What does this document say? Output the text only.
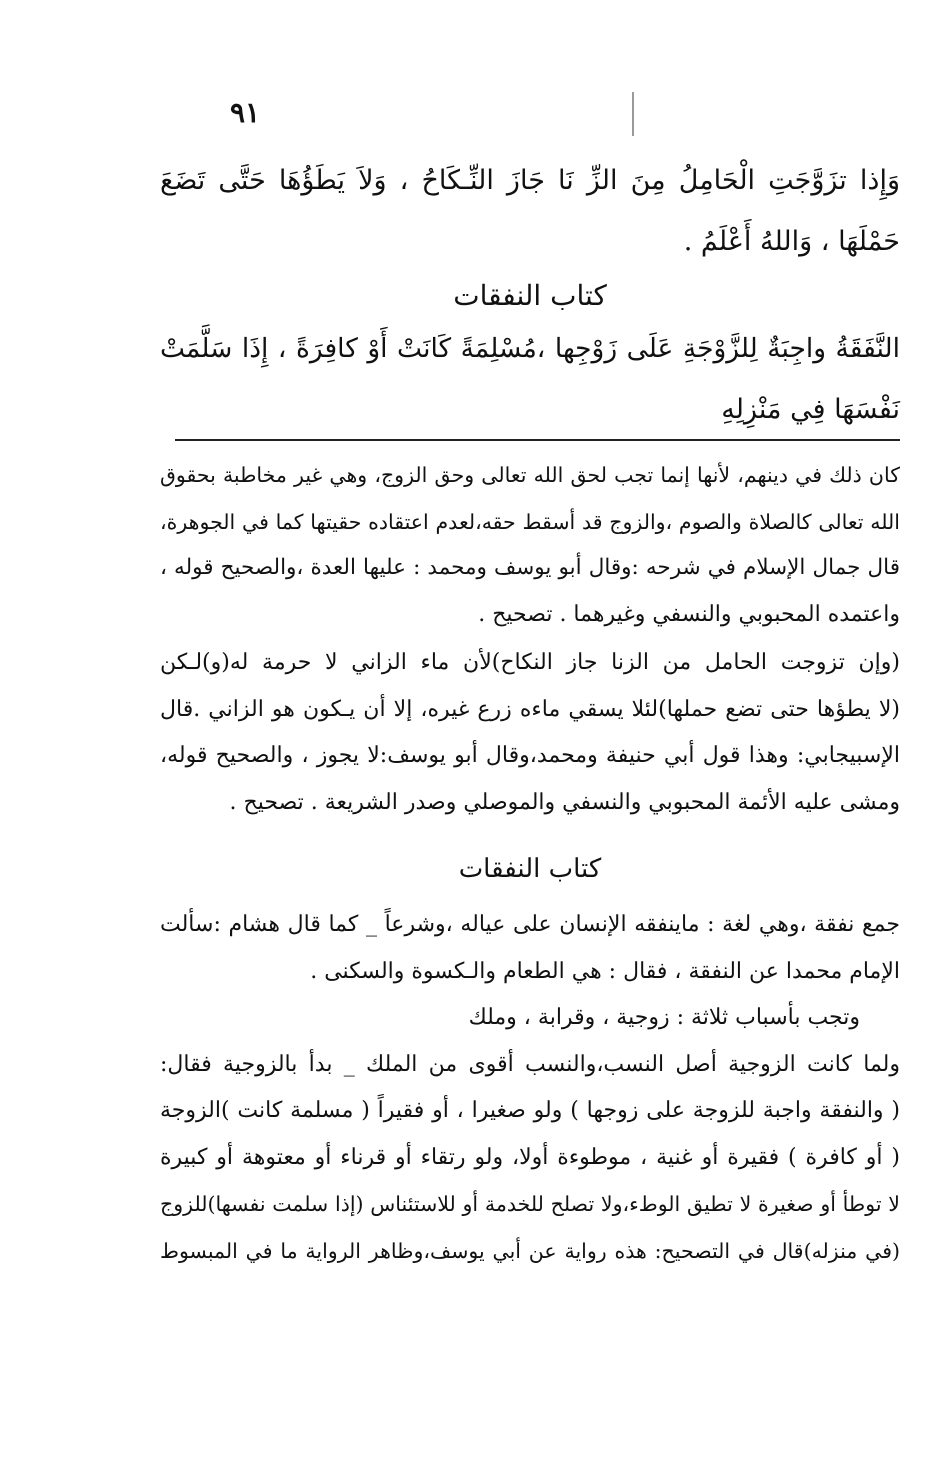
٩١

وَإِذا تزَوَّجَتِ الْحَامِلُ مِنَ الزِّ نَا جَازَ النِّـكَاحُ ، وَلاَ يَطَؤُهَا حَتَّى تَضَعَ

حَمْلَهَا ، وَاللهُ أَعْلَمُ .

كتاب النفقات

النَّفَقَةُ واجِبَةٌ لِلزَّوْجَةِ عَلَى زَوْجِها ،مُسْلِمَةً كَانَتْ أَوْ كافِرَةً ، إِذَا سَلَّمَتْ

نَفْسَهَا فِي مَنْزِلِهِ

كان ذلك في دينهم، لأنها إنما تجب لحق الله تعالى وحق الزوج، وهي غير مخاطبة بحقوق

الله تعالى كالصلاة والصوم ،والزوج قد أسقط حقه،لعدم اعتقاده حقيتها كما في الجوهرة،

قال جمال الإسلام في شرحه :وقال أبو يوسف ومحمد : عليها العدة ،والصحيح قوله ،

واعتمده المحبوبي والنسفي وغيرهما . تصحيح .

(وإن تزوجت الحامل من الزنا جاز النكاح)لأن ماء الزاني لا حرمة له(و)لـكن

(لا يطؤها حتى تضع حملها)لئلا يسقي ماءه زرع غيره، إلا أن يـكون هو الزاني .قال

الإسبيجابي: وهذا قول أبي حنيفة ومحمد،وقال أبو يوسف:لا يجوز ، والصحيح قوله،

ومشى عليه الأئمة المحبوبي والنسفي والموصلي وصدر الشريعة . تصحيح .

كتاب النفقات

جمع نفقة ،وهي لغة : ماينفقه الإنسان على عياله ،وشرعاً _ كما قال هشام :سألت

الإمام محمدا عن النفقة ، فقال : هي الطعام والـكسوة والسكنى .

وتجب بأسباب ثلاثة : زوجية ، وقرابة ، وملك

ولما كانت الزوجية أصل النسب،والنسب أقوى من الملك _ بدأ بالزوجية فقال:

( والنفقة واجبة للزوجة على زوجها ) ولو صغيرا ، أو فقيراً ( مسلمة كانت )الزوجة

( أو كافرة ) فقيرة أو غنية ، موطوءة أولا، ولو رتقاء أو قرناء أو معتوهة أو كبيرة

لا توطأ أو صغيرة لا تطيق الوطء،ولا تصلح للخدمة أو للاستئناس (إذا سلمت نفسها)للزوج

(في منزله)قال في التصحيح: هذه رواية عن أبي يوسف،وظاهر الرواية ما في المبسوط
